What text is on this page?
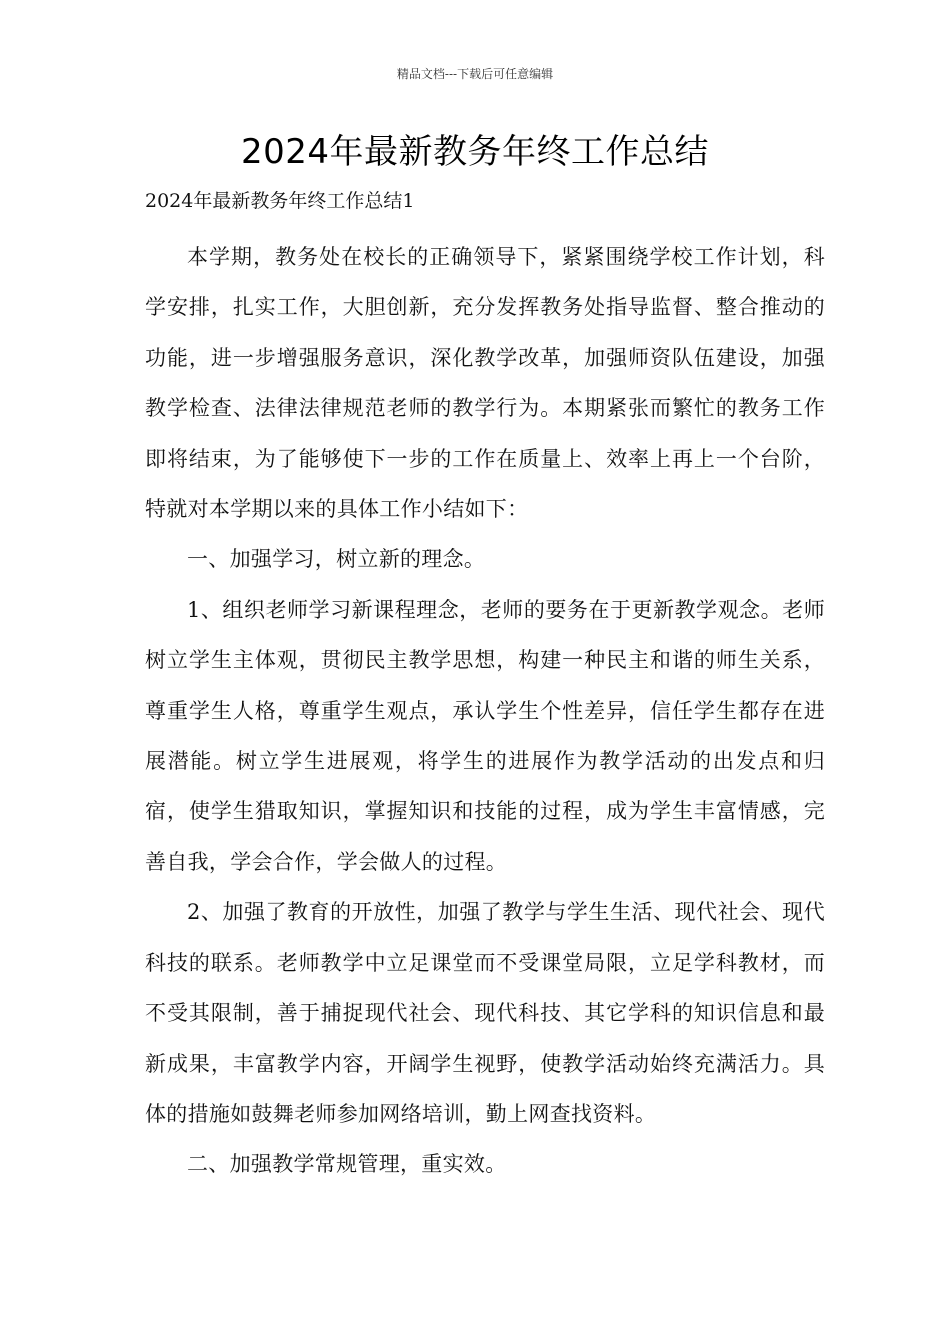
精品文档---下载后可任意编辑
2024年最新教务年终工作总结
2024年最新教务年终工作总结1

本学期，教务处在校长的正确领导下，紧紧围绕学校工作计划，科学安排，扎实工作，大胆创新，充分发挥教务处指导监督、整合推动的功能，进一步增强服务意识，深化教学改革，加强师资队伍建设，加强教学检查、法律法律规范老师的教学行为。本期紧张而繁忙的教务工作即将结束，为了能够使下一步的工作在质量上、效率上再上一个台阶，特就对本学期以来的具体工作小结如下：

一、加强学习，树立新的理念。

1、组织老师学习新课程理念，老师的要务在于更新教学观念。老师树立学生主体观，贯彻民主教学思想，构建一种民主和谐的师生关系，尊重学生人格，尊重学生观点，承认学生个性差异，信任学生都存在进展潜能。树立学生进展观，将学生的进展作为教学活动的出发点和归宿，使学生猎取知识，掌握知识和技能的过程，成为学生丰富情感，完善自我，学会合作，学会做人的过程。

2、加强了教育的开放性，加强了教学与学生生活、现代社会、现代科技的联系。老师教学中立足课堂而不受课堂局限，立足学科教材，而不受其限制，善于捕捉现代社会、现代科技、其它学科的知识信息和最新成果，丰富教学内容，开阔学生视野，使教学活动始终充满活力。具体的措施如鼓舞老师参加网络培训，勤上网查找资料。

二、加强教学常规管理，重实效。
